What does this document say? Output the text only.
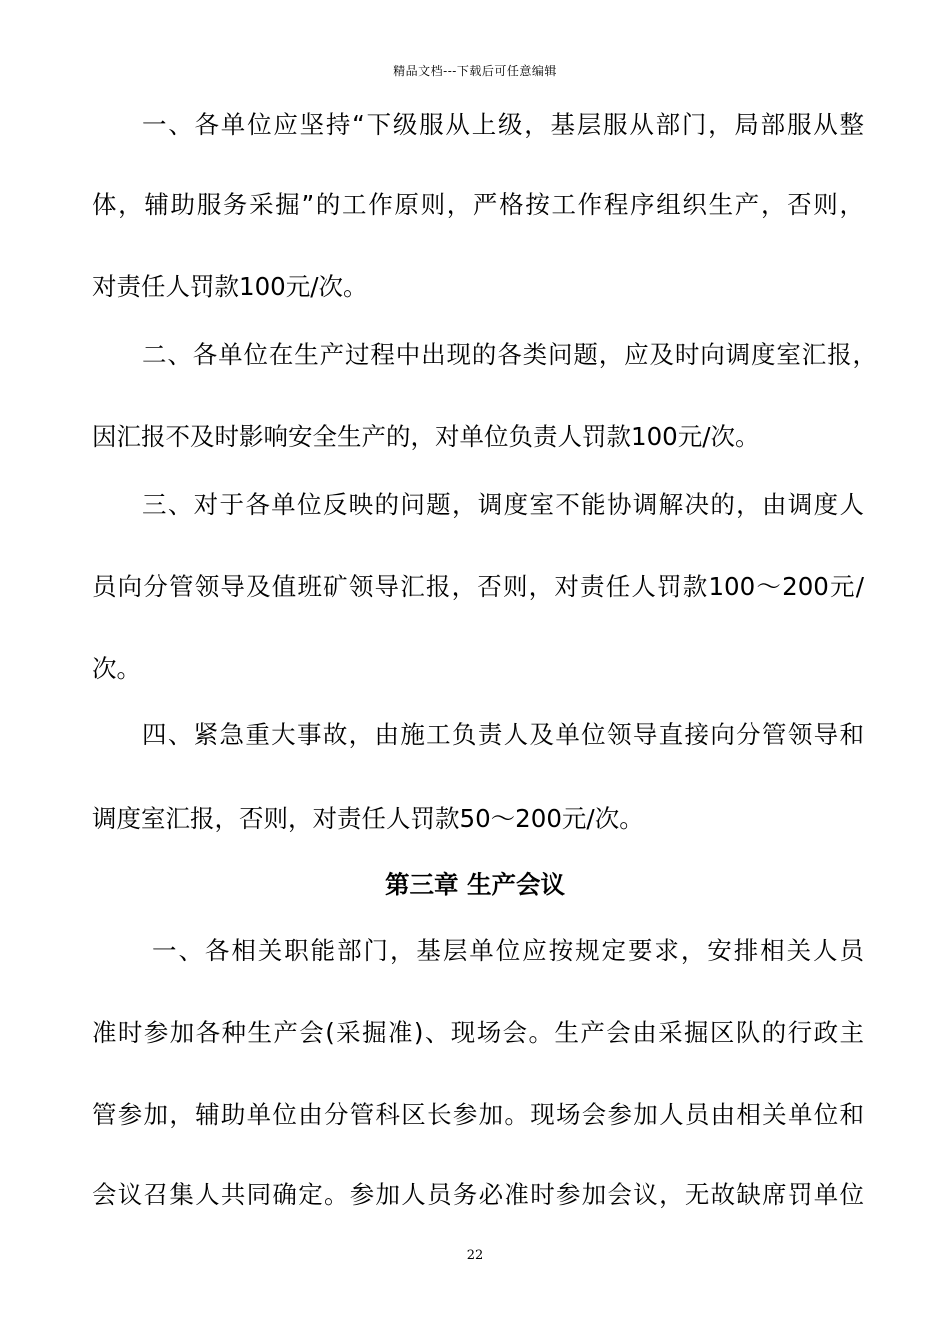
精品文档---下载后可任意编辑
一、各单位应坚持“下级服从上级，基层服从部门，局部服从整
体，辅助服务采掘”的工作原则，严格按工作程序组织生产，否则，
对责任人罚款100元/次。
二、各单位在生产过程中出现的各类问题，应及时向调度室汇报，
因汇报不及时影响安全生产的，对单位负责人罚款100元/次。
三、对于各单位反映的问题，调度室不能协调解决的，由调度人
员向分管领导及值班矿领导汇报，否则，对责任人罚款100～200元/
次。
四、紧急重大事故，由施工负责人及单位领导直接向分管领导和
调度室汇报，否则，对责任人罚款50～200元/次。
第三章 生产会议
一、各相关职能部门，基层单位应按规定要求，安排相关人员
准时参加各种生产会(采掘准)、现场会。生产会由采掘区队的行政主
管参加，辅助单位由分管科区长参加。现场会参加人员由相关单位和
会议召集人共同确定。参加人员务必准时参加会议，无故缺席罚单位
22
